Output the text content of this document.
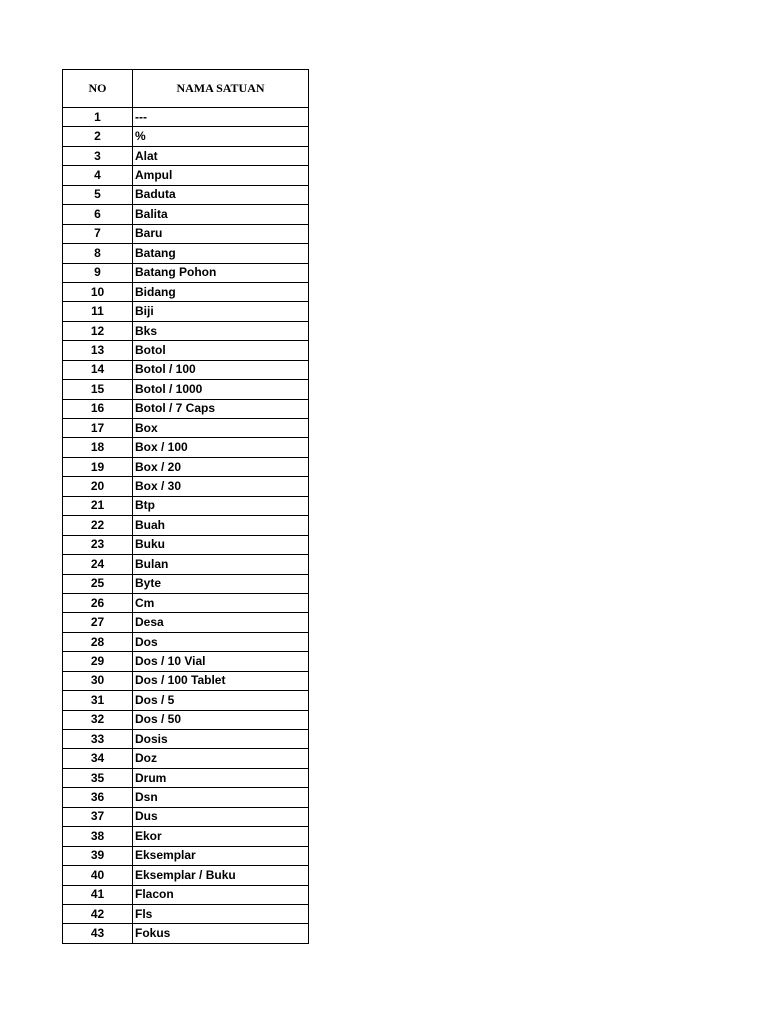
NO	NAMA SATUAN
1	---
2	%
3	Alat
4	Ampul
5	Baduta
6	Balita
7	Baru
8	Batang
9	Batang Pohon
10	Bidang
11	Biji
12	Bks
13	Botol
14	Botol / 100
15	Botol / 1000
16	Botol / 7 Caps
17	Box
18	Box / 100
19	Box / 20
20	Box / 30
21	Btp
22	Buah
23	Buku
24	Bulan
25	Byte
26	Cm
27	Desa
28	Dos
29	Dos / 10 Vial
30	Dos / 100 Tablet
31	Dos / 5
32	Dos / 50
33	Dosis
34	Doz
35	Drum
36	Dsn
37	Dus
38	Ekor
39	Eksemplar
40	Eksemplar / Buku
41	Flacon
42	Fls
43	Fokus
